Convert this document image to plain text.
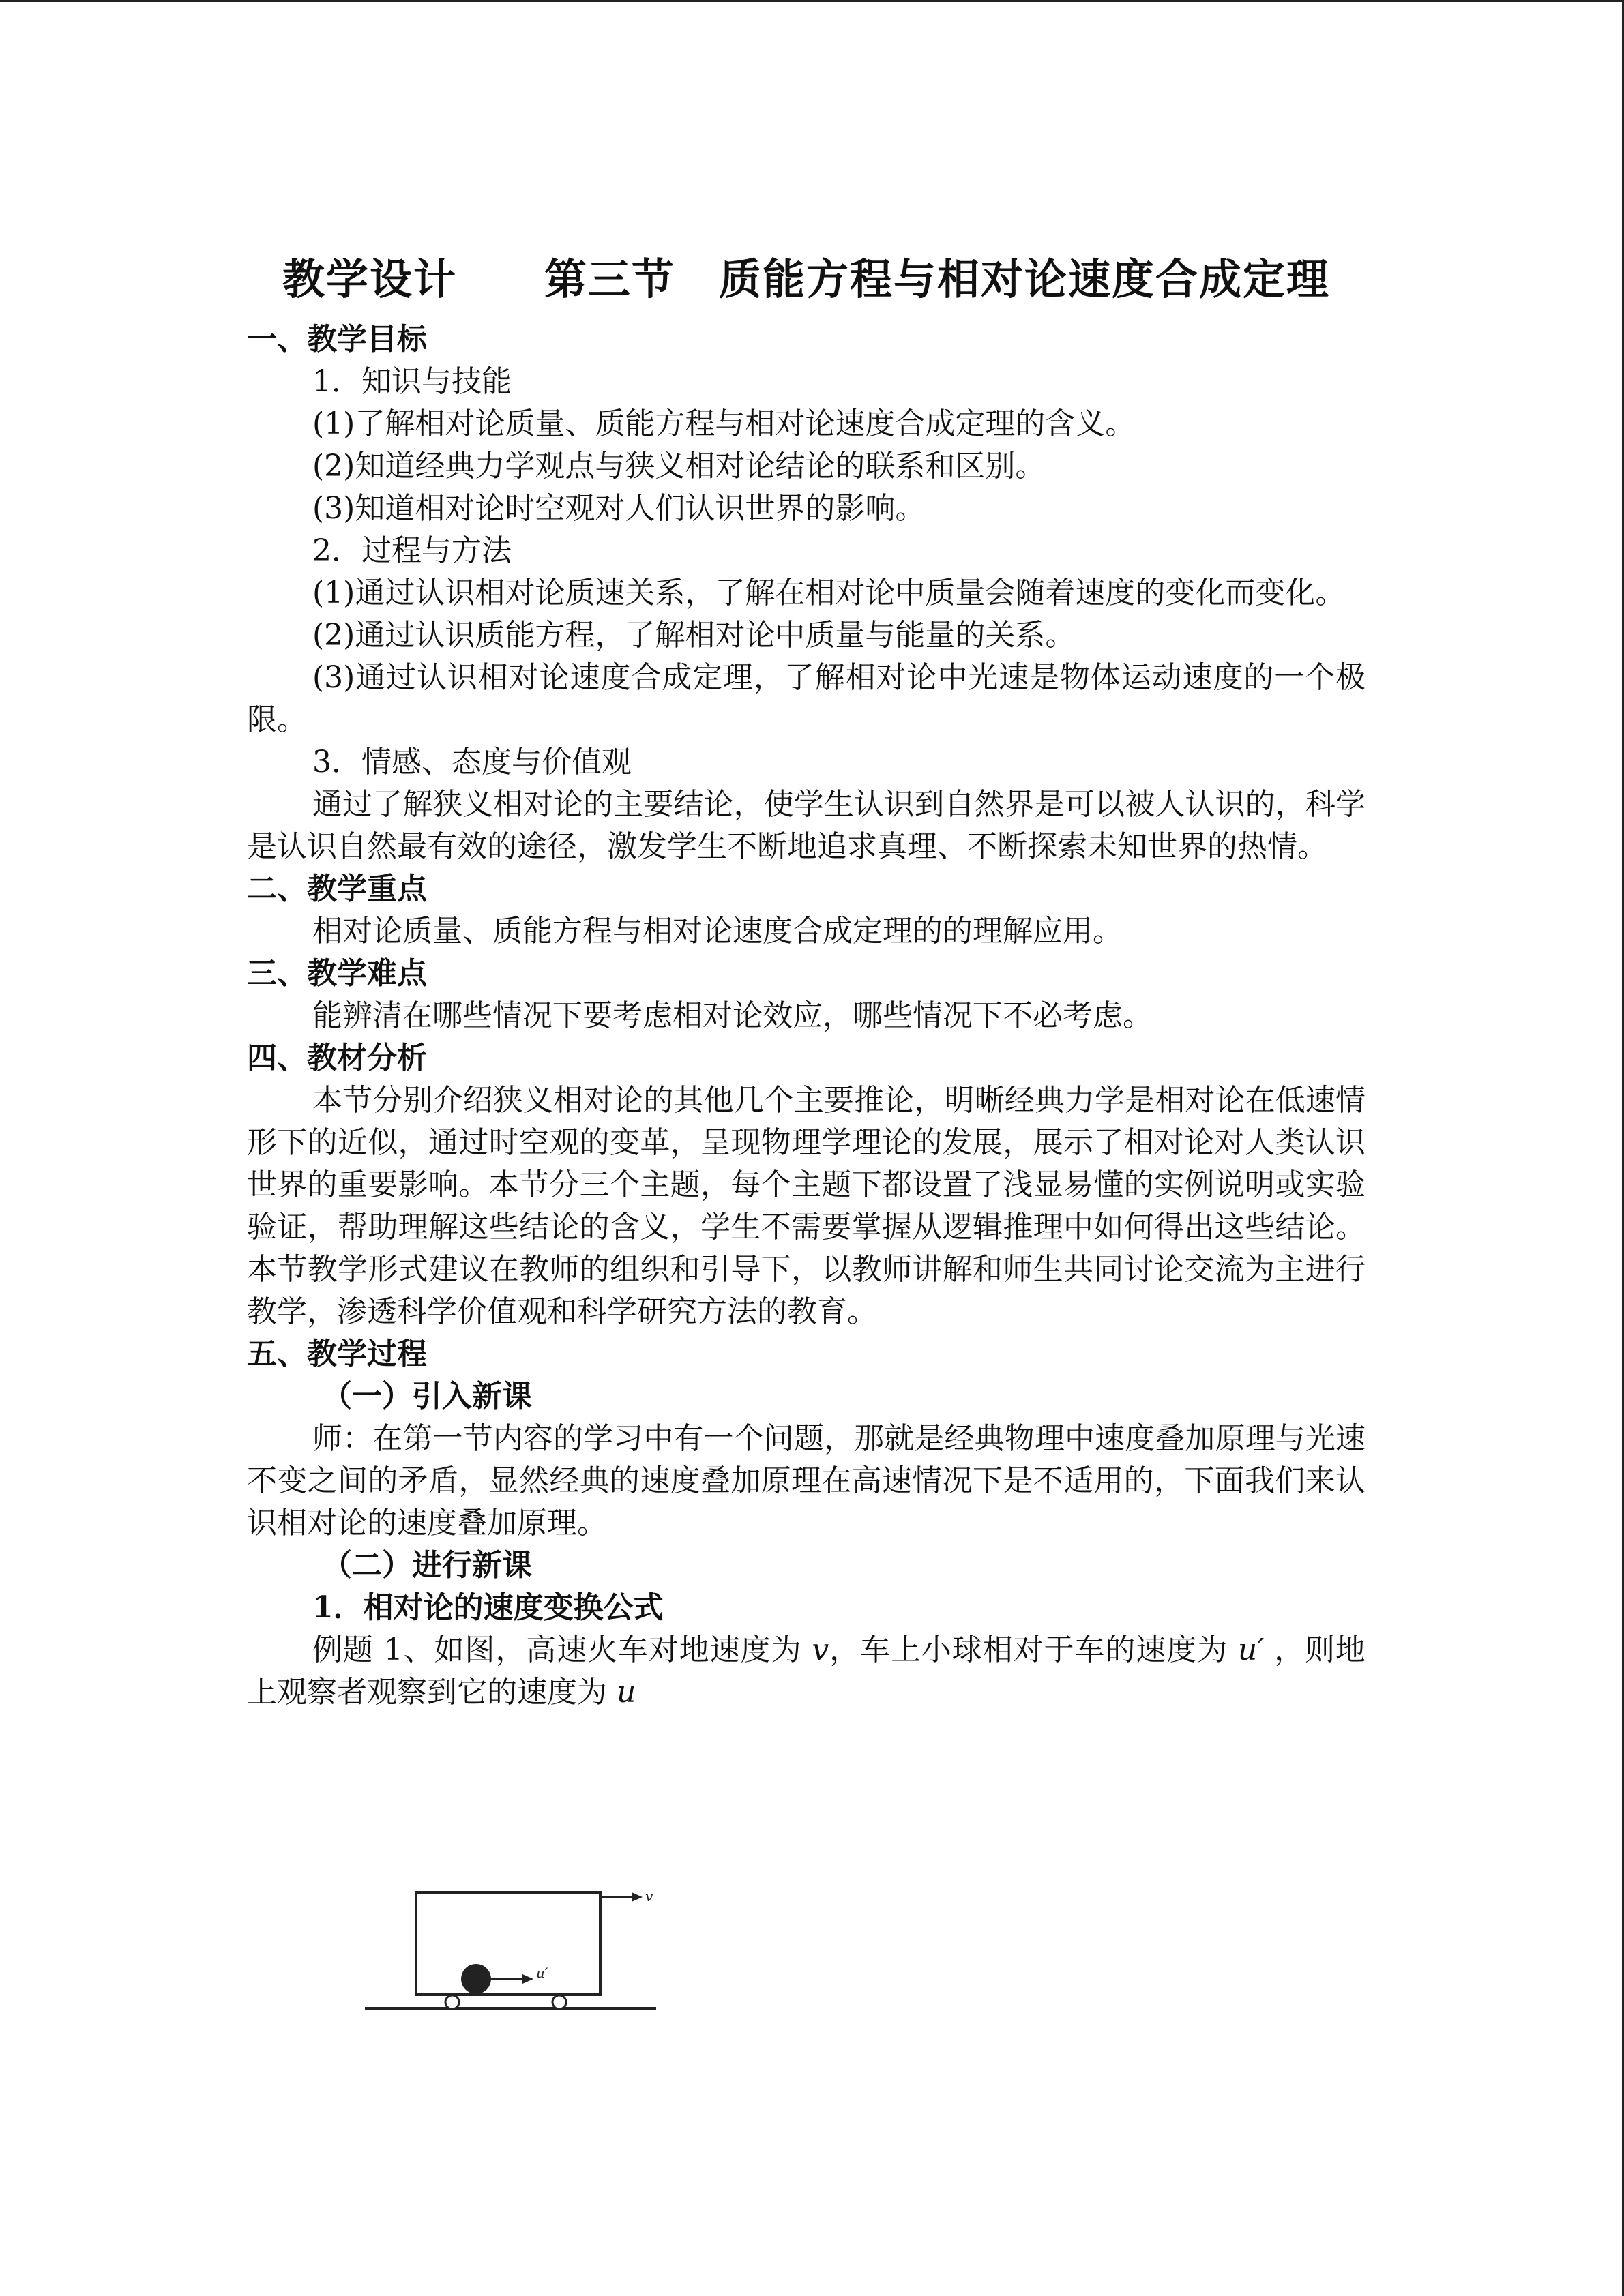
教学设计　　第三节　质能方程与相对论速度合成定理

一、教学目标

1．知识与技能

(1)了解相对论质量、质能方程与相对论速度合成定理的含义。

(2)知道经典力学观点与狭义相对论结论的联系和区别。

(3)知道相对论时空观对人们认识世界的影响。

2．过程与方法

(1)通过认识相对论质速关系，了解在相对论中质量会随着速度的变化而变化。

(2)通过认识质能方程，了解相对论中质量与能量的关系。

(3)通过认识相对论速度合成定理，了解相对论中光速是物体运动速度的一个极限。

3．情感、态度与价值观

通过了解狭义相对论的主要结论，使学生认识到自然界是可以被人认识的，科学是认识自然最有效的途径，激发学生不断地追求真理、不断探索未知世界的热情。

二、教学重点

相对论质量、质能方程与相对论速度合成定理的的理解应用。

三、教学难点

能辨清在哪些情况下要考虑相对论效应，哪些情况下不必考虑。

四、教材分析

本节分别介绍狭义相对论的其他几个主要推论，明晰经典力学是相对论在低速情形下的近似，通过时空观的变革，呈现物理学理论的发展，展示了相对论对人类认识世界的重要影响。本节分三个主题，每个主题下都设置了浅显易懂的实例说明或实验验证，帮助理解这些结论的含义，学生不需要掌握从逻辑推理中如何得出这些结论。本节教学形式建议在教师的组织和引导下，以教师讲解和师生共同讨论交流为主进行教学，渗透科学价值观和科学研究方法的教育。

五、教学过程

（一）引入新课

师：在第一节内容的学习中有一个问题，那就是经典物理中速度叠加原理与光速不变之间的矛盾，显然经典的速度叠加原理在高速情况下是不适用的，下面我们来认识相对论的速度叠加原理。

（二）进行新课

1．相对论的速度变换公式

例题 1、如图，高速火车对地速度为 v，车上小球相对于车的速度为 u′ ，则地上观察者观察到它的速度为 u

u′
v
